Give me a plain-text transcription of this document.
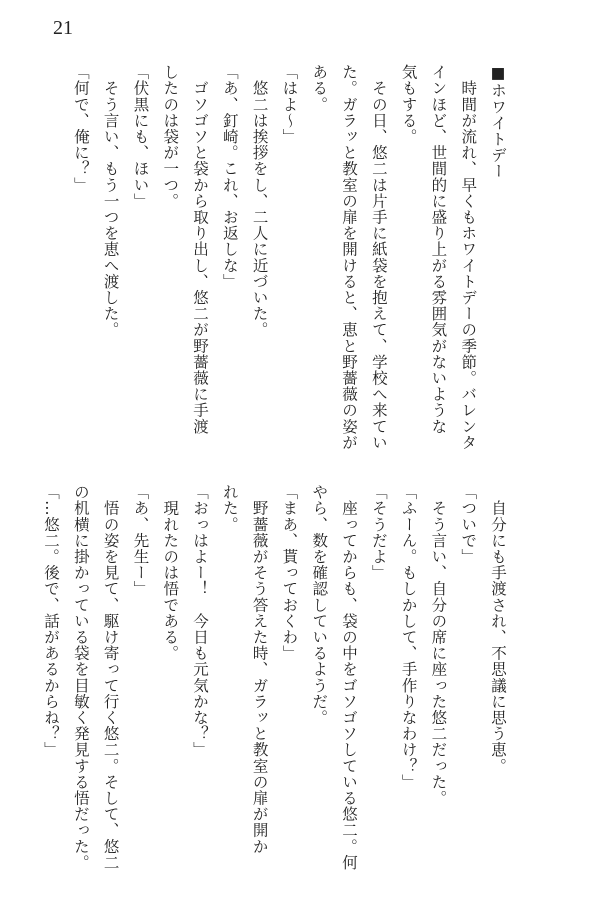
21
■ホワイトデー
　時間が流れ、早くもホワイトデーの季節。バレンタ
インほど、世間的に盛り上がる雰囲気がないような
気もする。
　その日、悠二は片手に紙袋を抱えて、学校へ来てい
た。ガラッと教室の扉を開けると、恵と野薔薇の姿が
ある。
「はよ〜」
　悠二は挨拶をし、二人に近づいた。
「あ、釘崎。これ、お返しな」
　ゴソゴソと袋から取り出し、悠二が野薔薇に手渡
したのは袋が一つ。
「伏黒にも、ほい」
　そう言い、もう一つを恵へ渡した。
「何で、俺に？」
　自分にも手渡され、不思議に思う恵。
「ついで」
　そう言い、自分の席に座った悠二だった。
「ふーん。もしかして、手作りなわけ？」
「そうだよ」
　座ってからも、袋の中をゴソゴソしている悠二。何
やら、数を確認しているようだ。
「まあ、貰っておくわ」
　野薔薇がそう答えた時、ガラッと教室の扉が開か
れた。
「おっはよー！　今日も元気かな？」
　現れたのは悟である。
「あ、先生ー」
　悟の姿を見て、駆け寄って行く悠二。そして、悠二
の机横に掛かっている袋を目敏く発見する悟だった。
「…悠二。後で、話があるからね？」
